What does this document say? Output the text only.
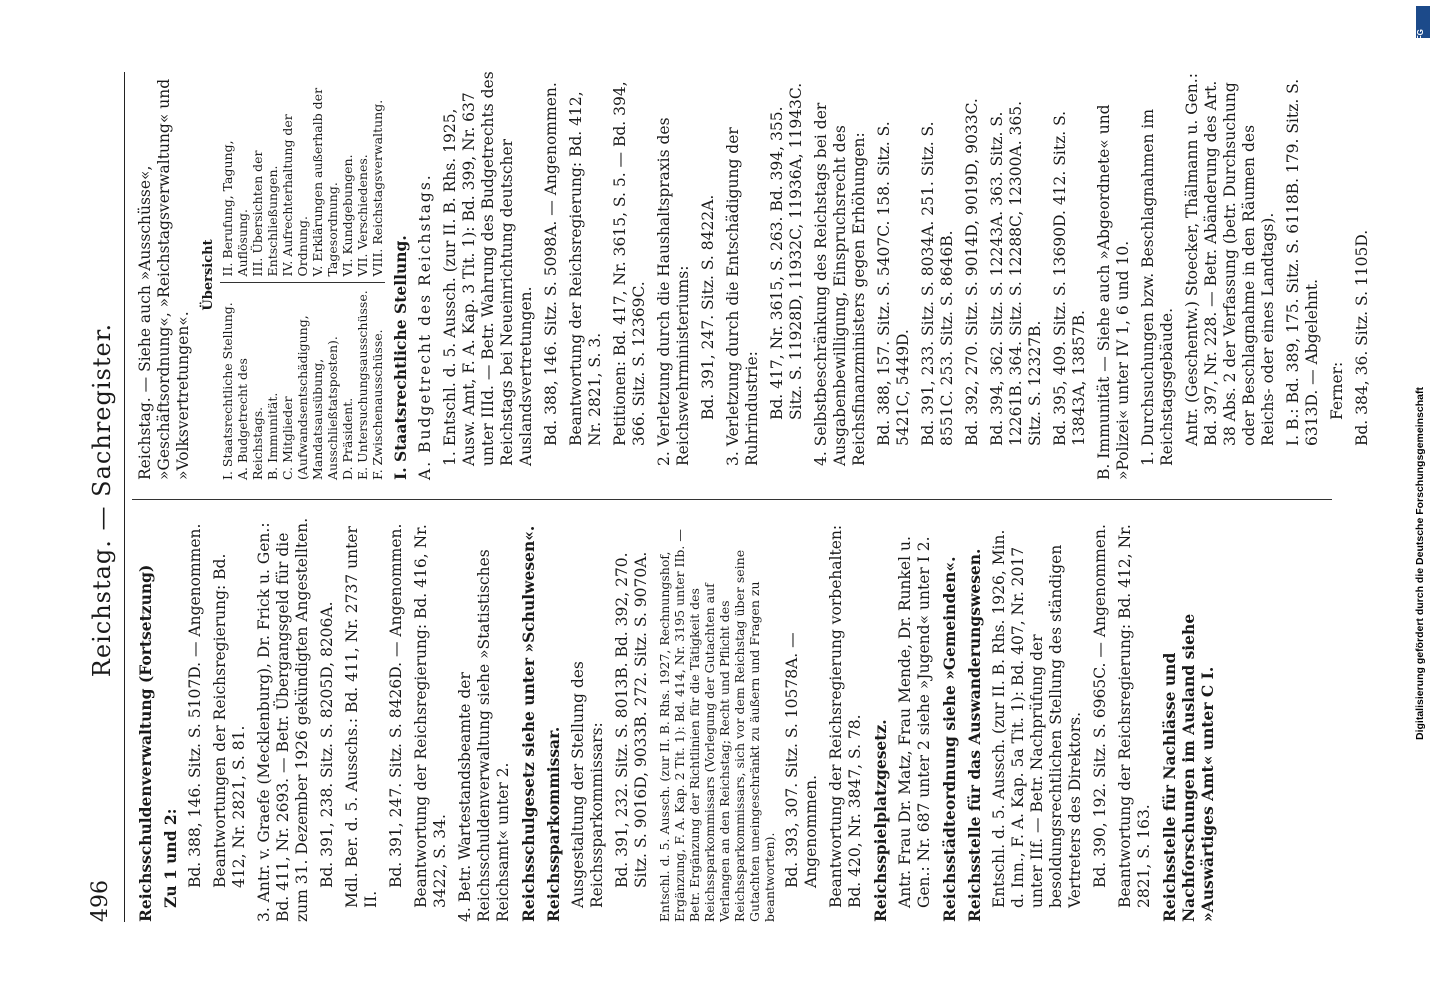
496
Reichstag. — Sachregister.
Reichsschuldenverwaltung (Fortsetzung) Zu 1 und 2: Bd. 388, 146. Sitz. S. 5107D. — Angenommen. Beantwortungen der Reichsregierung: Bd. 412, Nr. 2821, S. 81. 3. Antr. v. Graefe (Mecklenburg), Dr. Frick u. Gen.: Bd. 411, Nr. 2693. — Betr. Übergangsgeld für die zum 31. Dezember 1926 gekündigten Angestellten. Bd. 391, 238. Sitz. S. 8205D, 8206A. Mdl. Ber. d. 5. Ausschs.: Bd. 411, Nr. 2737 unter II.
Bd. 391, 247. Sitz. S. 8426D. — Angenommen. Beantwortung der Reichsregierung: Bd. 416, Nr. 3422, S. 34. 4. Betr. Wartestandsbeamte der Reichsschuldenverwaltung siehe »Statistisches Reichsamt« unter 2. Reichsschulgesetz siehe unter »Schulwesen«. Reichssparkommissar. Ausgestaltung der Stellung des Reichssparkommissars: Bd. 391, 232. Sitz. S. 8013B. Bd. 392, 270. Sitz. S. 9016D, 9033B. 272. Sitz. S. 9070A. Entschl. d. 5. Aussch. (zur II. B. Rhs. 1927, Rechnungshof, Ergänzung, F. A. Kap. 2 Tit. 1): Bd. 414, Nr. 3195 unter IIb. — Betr. Ergänzung der Richtlinien für die Tätigkeit des Reichssparkommissars (Vorlegung der Gutachten auf Verlangen an den Reichstag; Recht und Pflicht des Reichssparkommissars, sich vor dem Reichstag über seine Gutachten uneingeschränkt zu äußern und Fragen zu beantworten). Bd. 393, 307. Sitz. S. 10578A. — Angenommen. Beantwortung der Reichsregierung vorbehalten: Bd. 420, Nr. 3847, S. 78. Reichsspielplatzgesetz. Antr. Frau Dr. Matz, Frau Mende, Dr. Runkel u. Gen.: Nr. 687 unter 2 siehe »Jugend« unter I 2. Reichsstädteordnung siehe »Gemeinden«. Reichsstelle für das Auswanderungswesen. Entschl. d. 5. Aussch. (zur II. B. Rhs. 1926, Min. d. Inn., F. A. Kap. 5a Tit. 1): Bd. 407, Nr. 2017 unter IIf. — Betr. Nachprüfung der besoldungsrechtlichen Stellung des ständigen Vertreters des Direktors. Bd. 390, 192. Sitz. S. 6965C. — Angenommen. Beantwortung der Reichsregierung: Bd. 412, Nr. 2821, S. 163. Reichsstelle für Nachlässe und Nachforschungen im Ausland siehe »Auswärtiges Amt« unter C I.
Reichstag. — Siehe auch »Ausschüsse«, »Geschäftsordnung«, »Reichstagsverwaltung« und »Volksvertretungen«.
Übersicht
I. Staatsrechtliche Stellung. A. Budgetrecht des Reichstags. B. Immunität. C. Mitglieder (Aufwandsentschädigung, Mandatsausübung, Ausschließtatsposten). D. Präsident. E. Untersuchungsausschüsse. F. Zwischenausschüsse.
II. Berufung, Tagung, Auflösung. III. Übersichten der Entschließungen. IV. Aufrechterhaltung der Ordnung. V. Erklärungen außerhalb der Tagesordnung. VI. Kundgebungen. VII. Verschiedenes. VIII. Reichstagsverwaltung.
I. Staatsrechtliche Stellung. A. Budgetrecht des Reichstags. 1. Entschl. d. 5. Aussch. (zur II. B. Rhs. 1925, Ausw. Amt, F. A. Kap. 3 Tit. 1): Bd. 399, Nr. 637 unter IIId. — Betr. Wahrung des Budgetrechts des Reichstags bei Neueinrichtung deutscher Auslandsvertretungen. Bd. 388, 146. Sitz. S. 5098A. — Angenommen. Beantwortung der Reichsregierung: Bd. 412, Nr. 2821, S. 3. Petitionen: Bd. 417, Nr. 3615, S. 5. — Bd. 394, 366. Sitz. S. 12369C. 2. Verletzung durch die Haushaltspraxis des Reichswehrministeriums: Bd. 391, 247. Sitz. S. 8422A. 3. Verletzung durch die Entschädigung der Ruhrindustrie: Bd. 417, Nr. 3615, S. 263. Bd. 394, 355. Sitz. S. 11928D, 11932C, 11936A, 11943C. 4. Selbstbeschränkung des Reichstags bei der Ausgabenbewilligung, Einspruchsrecht des Reichsfinanzministers gegen Erhöhungen: Bd. 388, 157. Sitz. S. 5407C. 158. Sitz. S. 5421C, 5449D. Bd. 391, 233. Sitz. S. 8034A. 251. Sitz. S. 8551C. 253. Sitz. S. 8646B. Bd. 392, 270. Sitz. S. 9014D, 9019D, 9033C. Bd. 394, 362. Sitz. S. 12243A. 363. Sitz. S. 12261B. 364. Sitz. S. 12288C, 12300A. 365. Sitz. S. 12327B. Bd. 395, 409. Sitz. S. 13690D. 412. Sitz. S. 13843A, 13857B. B. Immunität — Siehe auch »Abgeordnete« und »Polizei« unter IV 1, 6 und 10. 1. Durchsuchungen bzw. Beschlagnahmen im Reichstagsgebäude. Antr. (Geschentw.) Stoecker, Thälmann u. Gen.: Bd. 397, Nr. 228. — Betr. Abänderung des Art. 38 Abs. 2 der Verfassung (betr. Durchsuchung oder Beschlagnahme in den Räumen des Reichs- oder eines Landtags). I. B.: Bd. 389, 175. Sitz. S. 6118B. 179. Sitz. S. 6313D. — Abgelehnt. Ferner: Bd. 384, 36. Sitz. S. 1105D.
DFG
Digitalisierung gefördert durch die Deutsche Forschungsgemeinschaft
